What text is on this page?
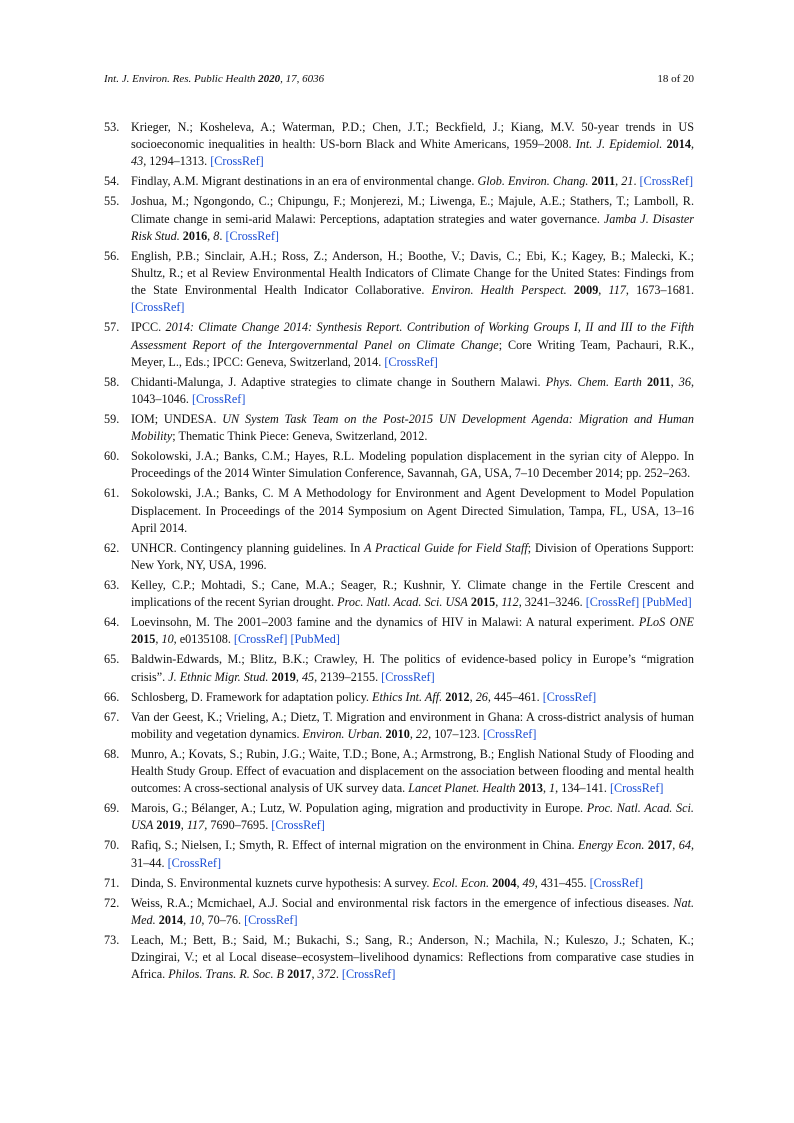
Int. J. Environ. Res. Public Health 2020, 17, 6036	18 of 20
53. Krieger, N.; Kosheleva, A.; Waterman, P.D.; Chen, J.T.; Beckfield, J.; Kiang, M.V. 50-year trends in US socioeconomic inequalities in health: US-born Black and White Americans, 1959–2008. Int. J. Epidemiol. 2014, 43, 1294–1313. [CrossRef]
54. Findlay, A.M. Migrant destinations in an era of environmental change. Glob. Environ. Chang. 2011, 21. [CrossRef]
55. Joshua, M.; Ngongondo, C.; Chipungu, F.; Monjerezi, M.; Liwenga, E.; Majule, A.E.; Stathers, T.; Lamboll, R. Climate change in semi-arid Malawi: Perceptions, adaptation strategies and water governance. Jamba J. Disaster Risk Stud. 2016, 8. [CrossRef]
56. English, P.B.; Sinclair, A.H.; Ross, Z.; Anderson, H.; Boothe, V.; Davis, C.; Ebi, K.; Kagey, B.; Malecki, K.; Shultz, R.; et al Review Environmental Health Indicators of Climate Change for the United States: Findings from the State Environmental Health Indicator Collaborative. Environ. Health Perspect. 2009, 117, 1673–1681. [CrossRef]
57. IPCC. 2014: Climate Change 2014: Synthesis Report. Contribution of Working Groups I, II and III to the Fifth Assessment Report of the Intergovernmental Panel on Climate Change; Core Writing Team, Pachauri, R.K., Meyer, L., Eds.; IPCC: Geneva, Switzerland, 2014. [CrossRef]
58. Chidanti-Malunga, J. Adaptive strategies to climate change in Southern Malawi. Phys. Chem. Earth 2011, 36, 1043–1046. [CrossRef]
59. IOM; UNDESA. UN System Task Team on the Post-2015 UN Development Agenda: Migration and Human Mobility; Thematic Think Piece: Geneva, Switzerland, 2012.
60. Sokolowski, J.A.; Banks, C.M.; Hayes, R.L. Modeling population displacement in the syrian city of Aleppo. In Proceedings of the 2014 Winter Simulation Conference, Savannah, GA, USA, 7–10 December 2014; pp. 252–263.
61. Sokolowski, J.A.; Banks, C. M A Methodology for Environment and Agent Development to Model Population Displacement. In Proceedings of the 2014 Symposium on Agent Directed Simulation, Tampa, FL, USA, 13–16 April 2014.
62. UNHCR. Contingency planning guidelines. In A Practical Guide for Field Staff; Division of Operations Support: New York, NY, USA, 1996.
63. Kelley, C.P.; Mohtadi, S.; Cane, M.A.; Seager, R.; Kushnir, Y. Climate change in the Fertile Crescent and implications of the recent Syrian drought. Proc. Natl. Acad. Sci. USA 2015, 112, 3241–3246. [CrossRef] [PubMed]
64. Loevinsohn, M. The 2001–2003 famine and the dynamics of HIV in Malawi: A natural experiment. PLoS ONE 2015, 10, e0135108. [CrossRef] [PubMed]
65. Baldwin-Edwards, M.; Blitz, B.K.; Crawley, H. The politics of evidence-based policy in Europe’s “migration crisis”. J. Ethnic Migr. Stud. 2019, 45, 2139–2155. [CrossRef]
66. Schlosberg, D. Framework for adaptation policy. Ethics Int. Aff. 2012, 26, 445–461. [CrossRef]
67. Van der Geest, K.; Vrieling, A.; Dietz, T. Migration and environment in Ghana: A cross-district analysis of human mobility and vegetation dynamics. Environ. Urban. 2010, 22, 107–123. [CrossRef]
68. Munro, A.; Kovats, S.; Rubin, J.G.; Waite, T.D.; Bone, A.; Armstrong, B.; English National Study of Flooding and Health Study Group. Effect of evacuation and displacement on the association between flooding and mental health outcomes: A cross-sectional analysis of UK survey data. Lancet Planet. Health 2013, 1, 134–141. [CrossRef]
69. Marois, G.; Bélanger, A.; Lutz, W. Population aging, migration and productivity in Europe. Proc. Natl. Acad. Sci. USA 2019, 117, 7690–7695. [CrossRef]
70. Rafiq, S.; Nielsen, I.; Smyth, R. Effect of internal migration on the environment in China. Energy Econ. 2017, 64, 31–44. [CrossRef]
71. Dinda, S. Environmental kuznets curve hypothesis: A survey. Ecol. Econ. 2004, 49, 431–455. [CrossRef]
72. Weiss, R.A.; Mcmichael, A.J. Social and environmental risk factors in the emergence of infectious diseases. Nat. Med. 2014, 10, 70–76. [CrossRef]
73. Leach, M.; Bett, B.; Said, M.; Bukachi, S.; Sang, R.; Anderson, N.; Machila, N.; Kuleszo, J.; Schaten, K.; Dzingirai, V.; et al Local disease–ecosystem–livelihood dynamics: Reflections from comparative case studies in Africa. Philos. Trans. R. Soc. B 2017, 372. [CrossRef]
